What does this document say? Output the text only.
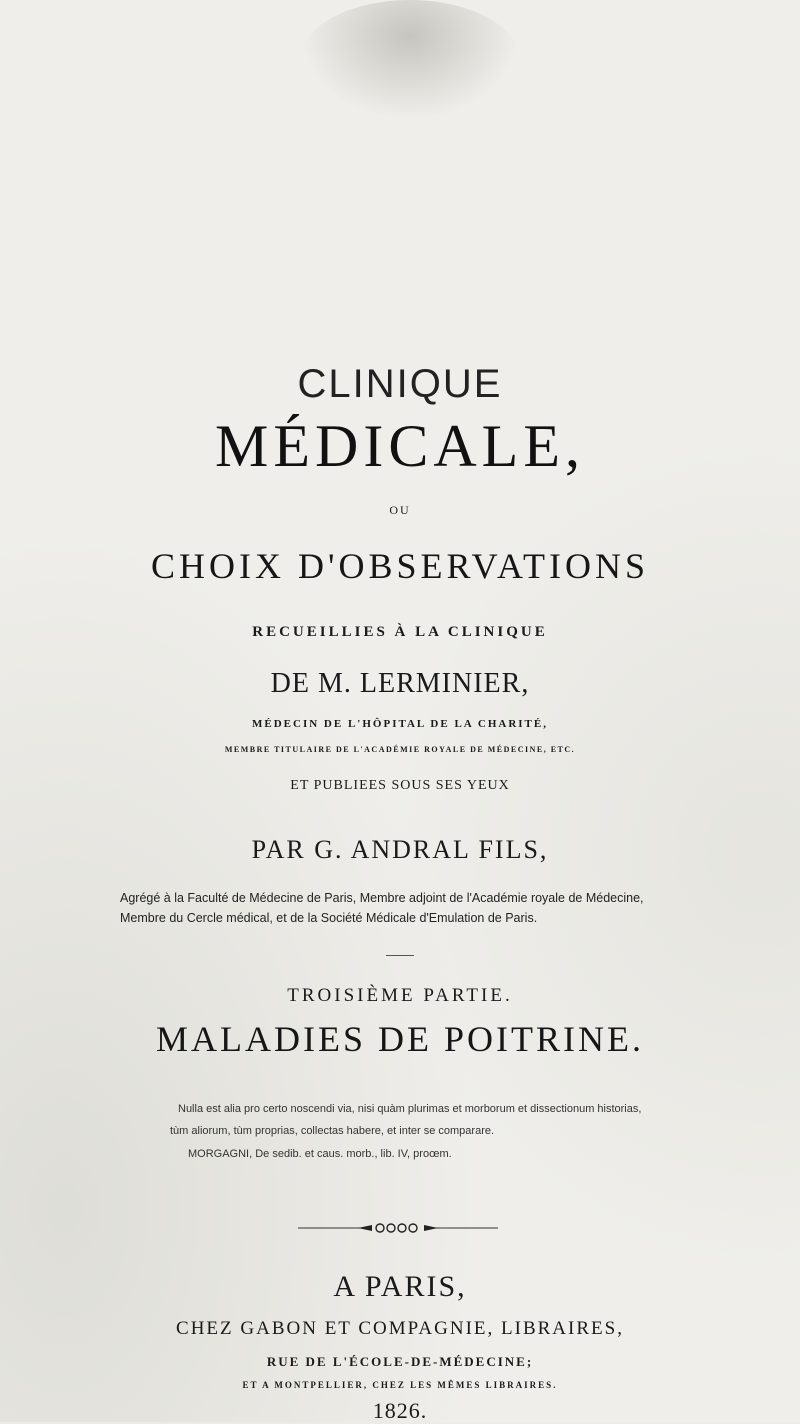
CLINIQUE
MÉDICALE,
OU
CHOIX D'OBSERVATIONS
RECUEILLIES À LA CLINIQUE
DE M. LERMINIER,
MÉDECIN DE L'HÔPITAL DE LA CHARITÉ,
MEMBRE TITULAIRE DE L'ACADÉMIE ROYALE DE MÉDECINE, ETC.
ET PUBLIEES SOUS SES YEUX
PAR G. ANDRAL FILS,
Agrégé à la Faculté de Médecine de Paris, Membre adjoint de l'Académie royale de Médecine, Membre du Cercle médical, et de la Société Médicale d'Emulation de Paris.
TROISIÈME PARTIE.
MALADIES DE POITRINE.

Nulla est alia pro certo noscendi via, nisi quàm plurimas et morborum et dissectionum historias, tùm aliorum, tùm proprias, collectas habere, et inter se comparare.

MORGAGNI, De sedib. et caus. morb., lib. IV, proœm.

A PARIS,
CHEZ GABON ET COMPAGNIE, LIBRAIRES,
RUE DE L'ÉCOLE-DE-MÉDECINE;
ET A MONTPELLIER, CHEZ LES MÊMES LIBRAIRES.
1826.
